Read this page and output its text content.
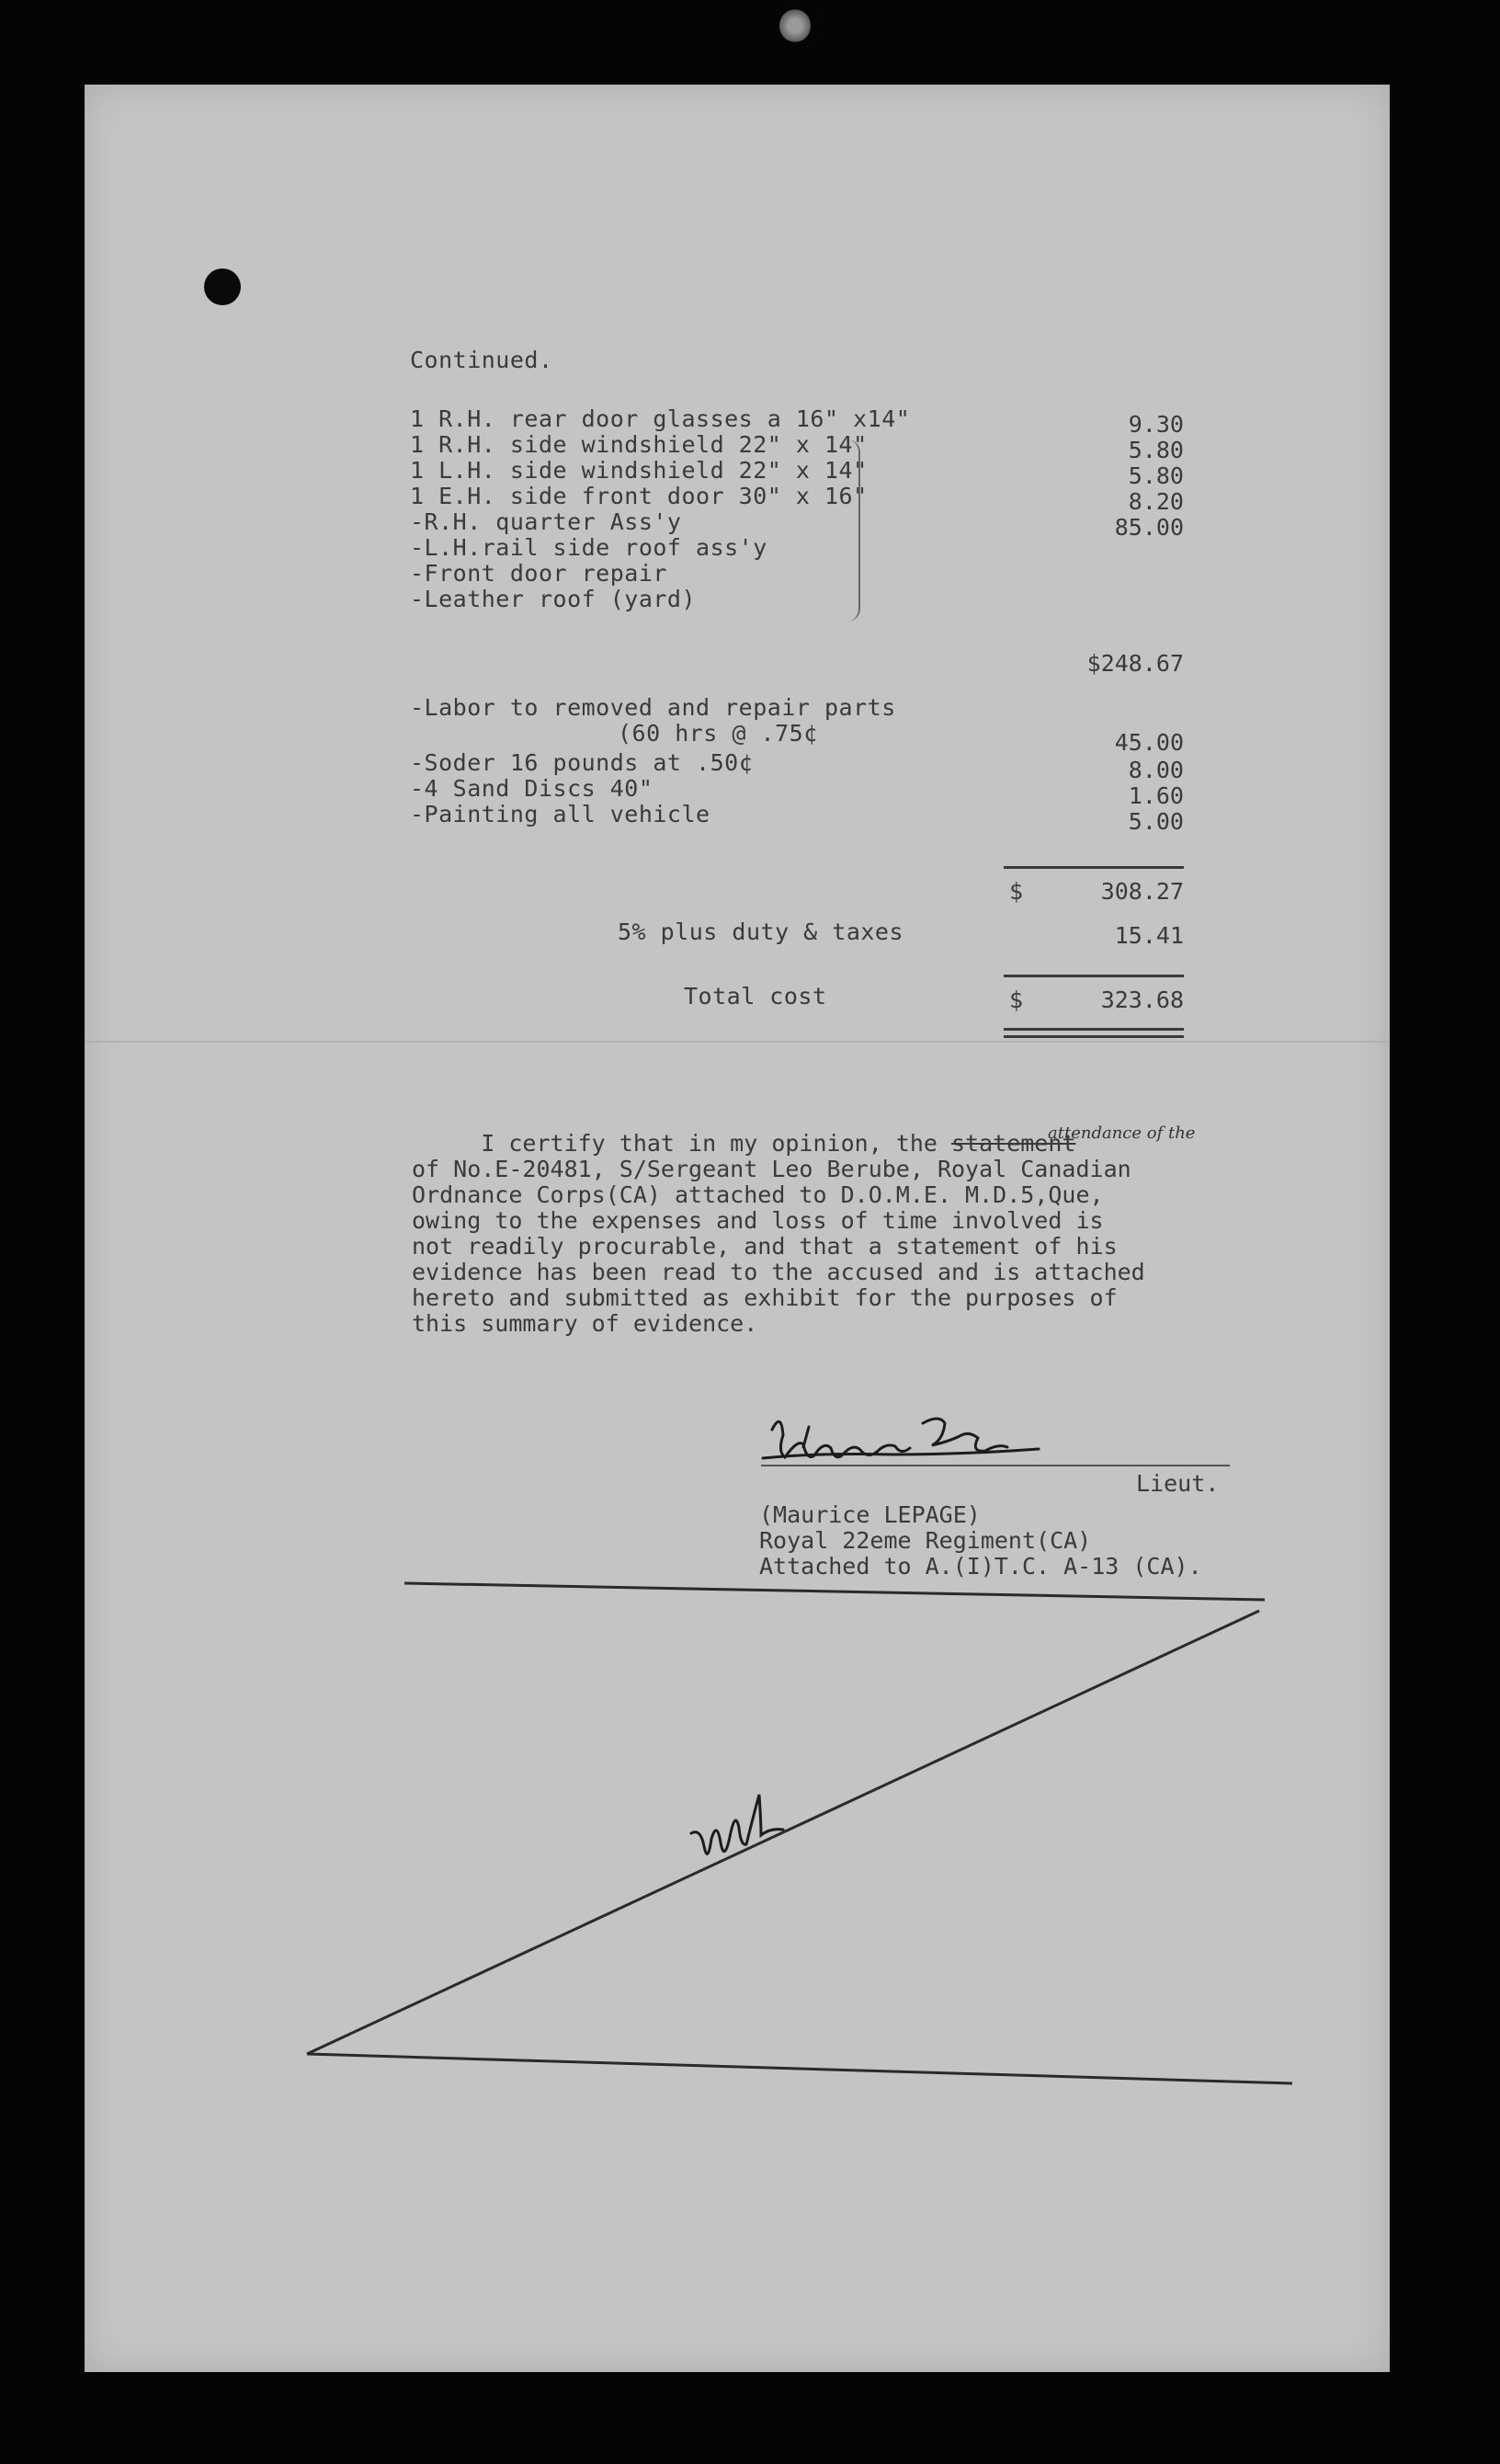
Continued.
1 R.H. rear door glasses a 16" x14"	9.30
1 R.H. side windshield 22" x 14"	5.80
1 L.H. side windshield 22" x 14"	5.80
1 E.H. side front door 30" x 16"	8.20
-R.H. quarter Ass'y	85.00
-L.H.rail side roof ass'y
-Front door repair
-Leather roof (yard)
$248.67
-Labor to removed and repair parts
(60 hrs @ .75¢	45.00
-Soder 16 pounds at .50¢	8.00
-4 Sand Discs 40"	1.60
-Painting all vehicle	5.00
$	308.27
5% plus duty & taxes	15.41
Total cost	$	323.68
attendance of the
I certify that in my opinion, the statement
of No.E-20481, S/Sergeant Leo Berube, Royal Canadian
Ordnance Corps(CA) attached to D.O.M.E. M.D.5,Que,
owing to the expenses and loss of time involved is
not readily procurable, and that a statement of his
evidence has been read to the accused and is attached
hereto and submitted as exhibit for the purposes of
this summary of evidence.

Lieut.

(Maurice LEPAGE)

Royal 22eme Regiment(CA)

Attached to A.(I)T.C. A-13 (CA).
